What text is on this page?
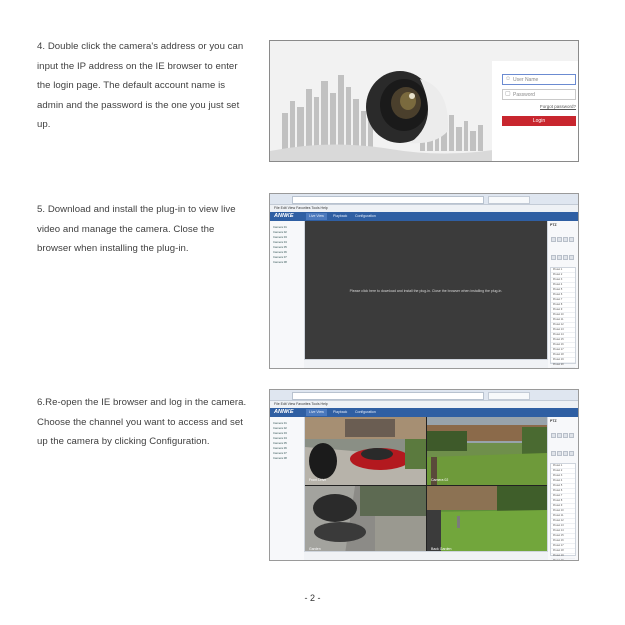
4. Double click the camera's address or you can
input the IP address on the IE browser to enter
the login page. The default account name is
admin and the password is the one you just set
up.
☺ User Name
▢ Password
Forgot password?
Login
5. Download and install the plug-in to view live
video and manage the camera. Close the
browser when installing the plug-in.
File Edit View Favorites Tools Help
ANNKE	Live View	Playback	Configuration
Camera 01
Camera 02
Camera 03
Camera 04
Camera 05
Camera 06
Camera 07
Camera 08
Please click here to download and install the plug-in. Close the browser when installing the plug-in.
PTZ

Preset 1
Preset 2
Preset 3
Preset 4
Preset 5
Preset 6
Preset 7
Preset 8
Preset 9
Preset 10
Preset 11
Preset 12
Preset 13
Preset 14
Preset 15
Preset 16
Preset 17
Preset 18
Preset 19
Preset 20
6.Re-open the IE browser and log in the camera.
Choose the channel you want to access and set
up the camera by clicking Configuration.
File Edit View Favorites Tools Help
ANNKE	Live View	Playback	Configuration
Camera 01
Camera 02
Camera 03
Camera 04
Camera 05
Camera 06
Camera 07
Camera 08
Front Drive	Camera 02
Garden	Back Garden
PTZ

Preset 1
Preset 2
Preset 3
Preset 4
Preset 5
Preset 6
Preset 7
Preset 8
Preset 9
Preset 10
Preset 11
Preset 12
Preset 13
Preset 14
Preset 15
Preset 16
Preset 17
Preset 18
Preset 19
Preset 20
- 2 -
